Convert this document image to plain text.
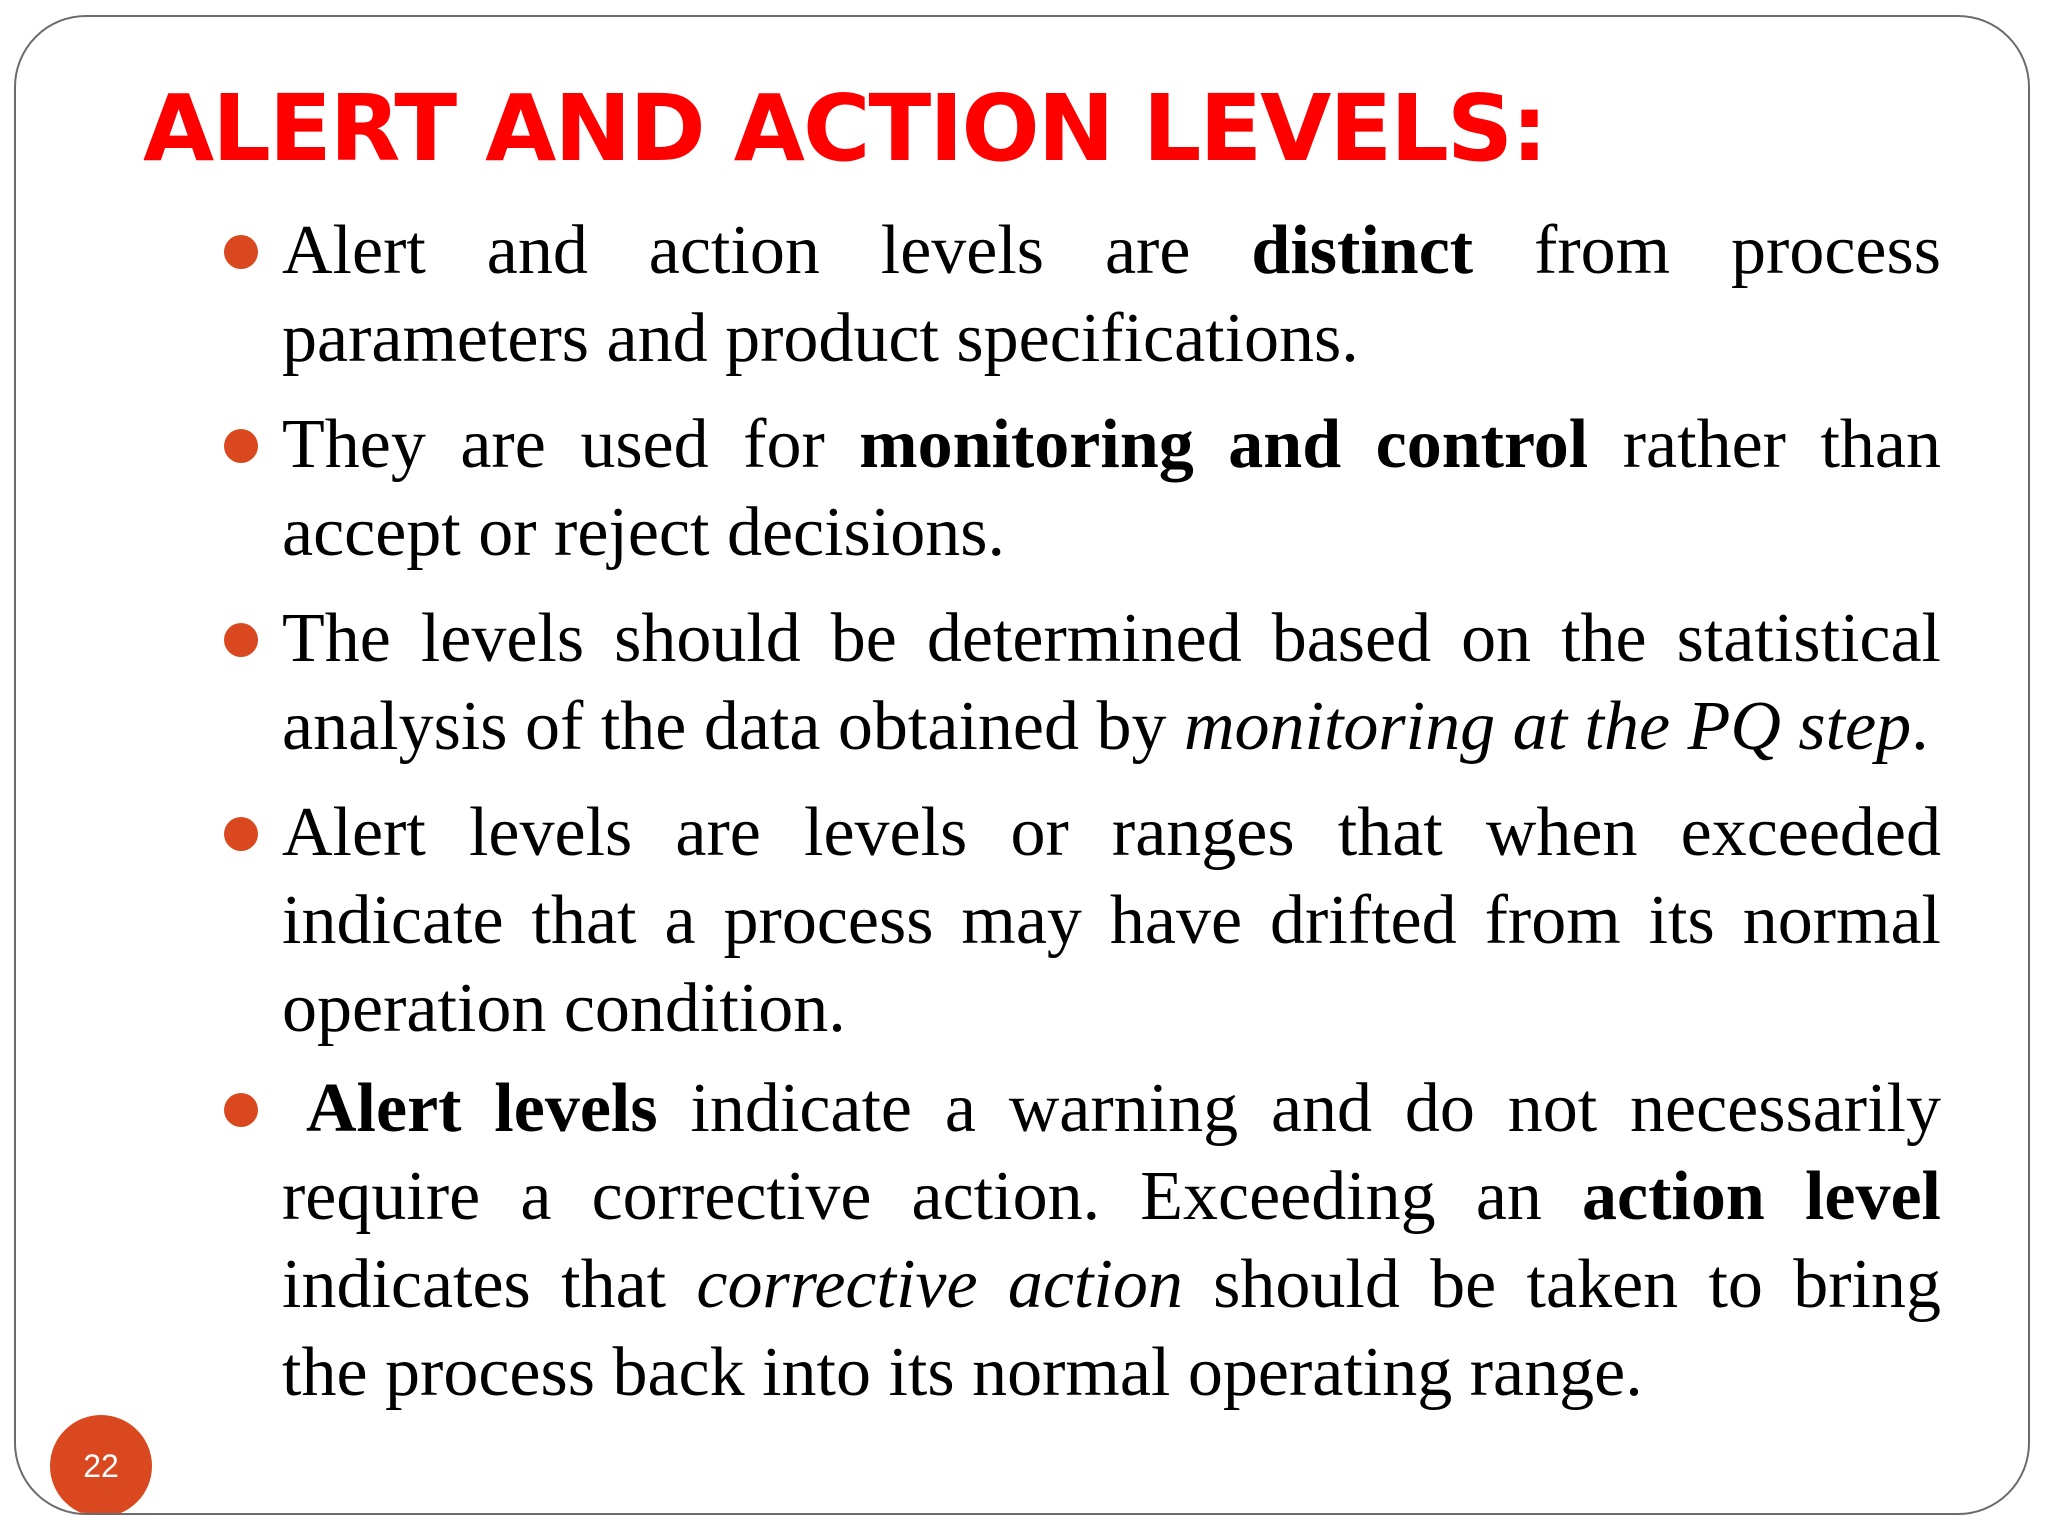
ALERT AND ACTION LEVELS:
Alert and action levels are distinct from process parameters and product specifications.
They are used for monitoring and control rather than accept or reject decisions.
The levels should be determined based on the statistical analysis of the data obtained by monitoring at the PQ step.
Alert levels are levels or ranges that when exceeded indicate that a process may have drifted from its normal operation condition.
Alert levels indicate a warning and do not necessarily require a corrective action. Exceeding an action level indicates that corrective action should be taken to bring the process back into its normal operating range.
22
